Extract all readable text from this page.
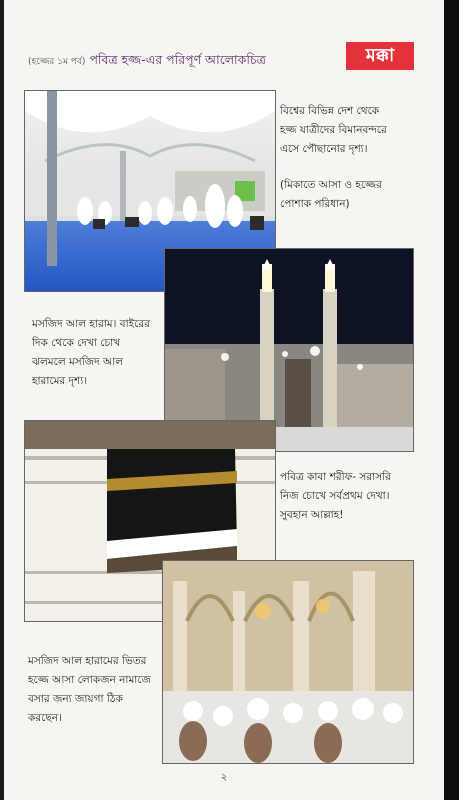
(হজ্জের ১ম পর্ব) পবিত্র হজ্জ-এর পরিপূর্ণ আলোকচিত্র	মক্কা
বিশ্বের বিভিন্ন দেশ থেকে হজ্জ যাত্রীদের বিমানবন্দরে এসে পৌছানোর দৃশ্য।
(মিকাতে আসা ও হজ্জের পোশাক পরিধান)
মসজিদ আল হারাম। বাইরের দিক থেকে দেখা চোখ ঝলমলে মসজিদ আল হারামের দৃশ্য।
পবিত্র কাবা শরীফ- সরাসরি নিজ চোখে সর্বপ্রথম দেখা। সুবহান আল্লাহ!
মসজিদ আল হারামের ভিতর হজ্জে আসা লোকজন নামাজে বসার জন্য জায়গা ঠিক করছেন।
২
